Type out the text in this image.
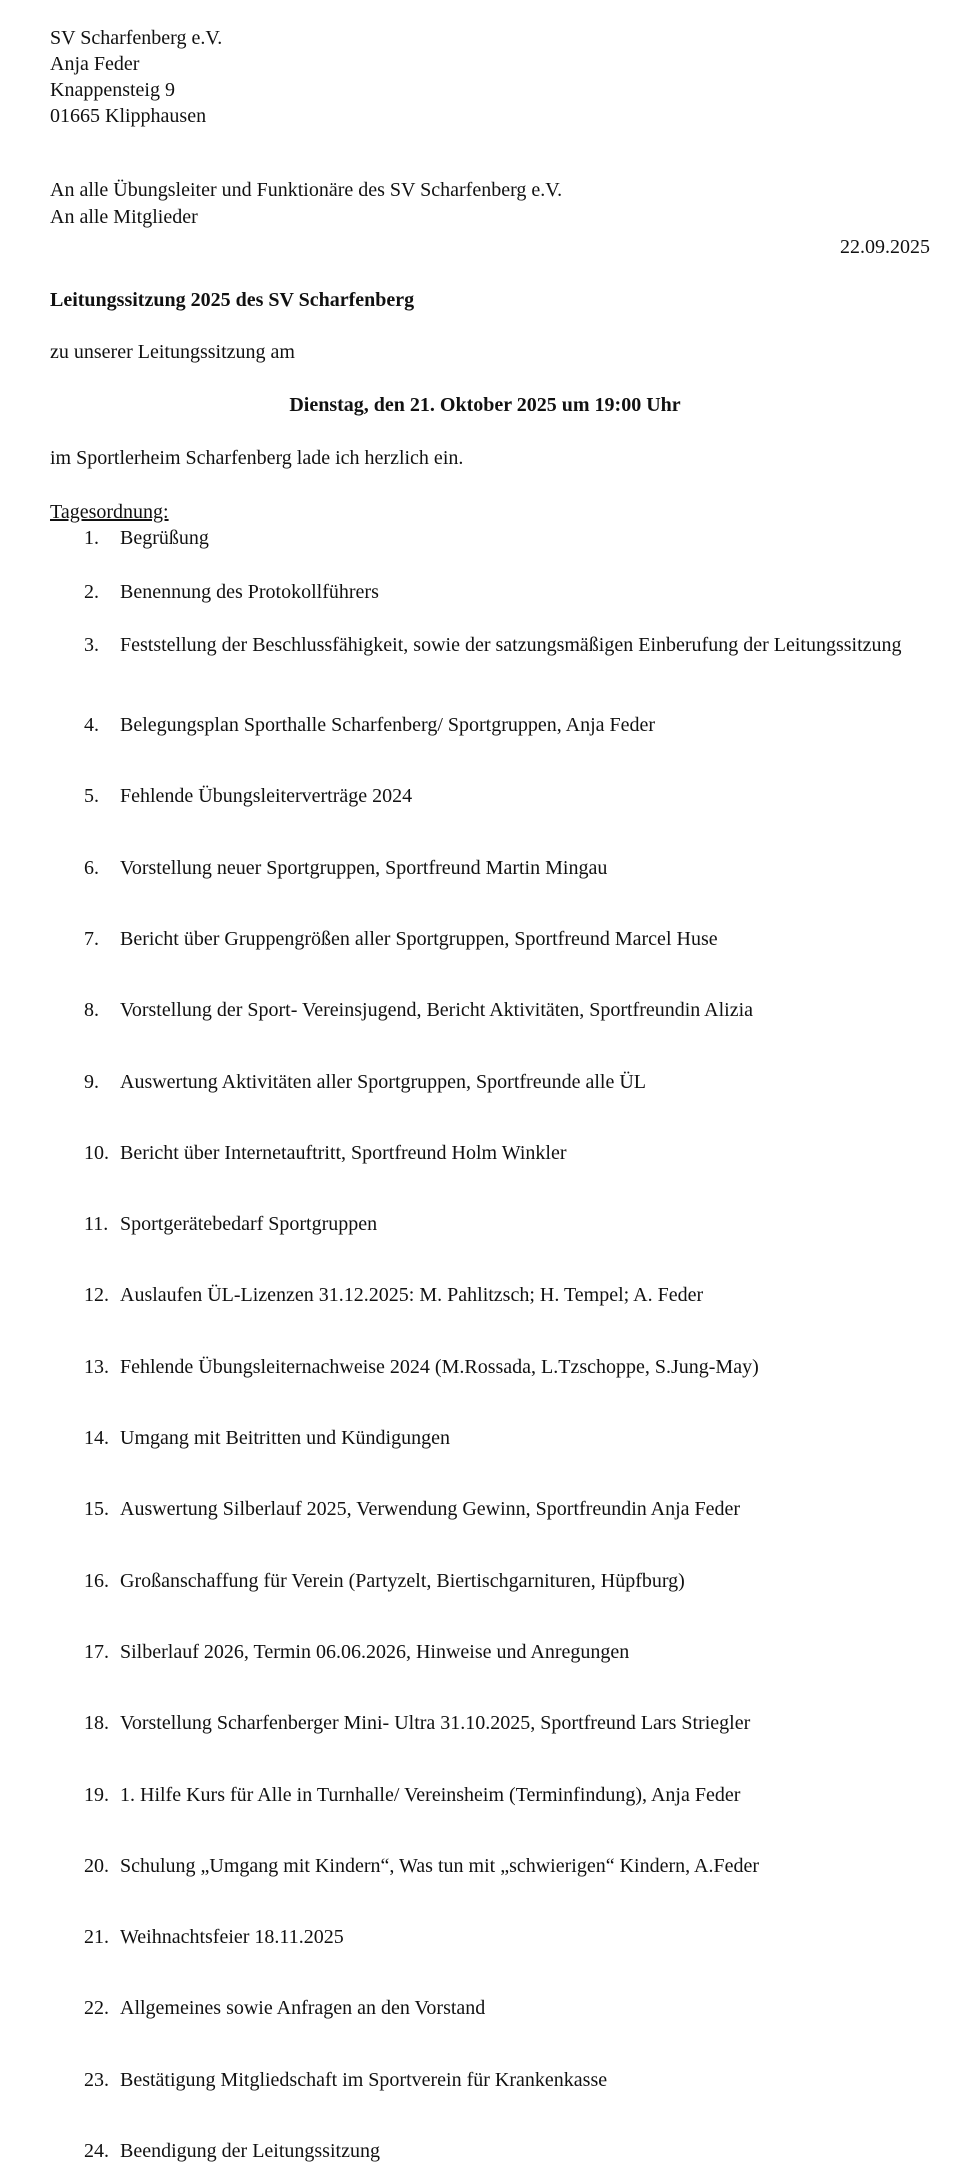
SV Scharfenberg e.V.
Anja Feder
Knappensteig 9
01665 Klipphausen
An alle Übungsleiter und Funktionäre des SV Scharfenberg e.V.
An alle Mitglieder
22.09.2025
Leitungssitzung 2025 des SV Scharfenberg
zu unserer Leitungssitzung am
Dienstag, den 21. Oktober 2025 um 19:00 Uhr
im Sportlerheim Scharfenberg lade ich herzlich ein.
Tagesordnung:
1. Begrüßung
2. Benennung des Protokollführers
3. Feststellung der Beschlussfähigkeit, sowie der satzungsmäßigen Einberufung der Leitungssitzung
4. Belegungsplan Sporthalle Scharfenberg/ Sportgruppen, Anja Feder
5. Fehlende Übungsleiterverträge 2024
6. Vorstellung neuer Sportgruppen, Sportfreund Martin Mingau
7. Bericht über Gruppengrößen aller Sportgruppen, Sportfreund Marcel Huse
8. Vorstellung der Sport- Vereinsjugend, Bericht Aktivitäten, Sportfreundin Alizia
9. Auswertung Aktivitäten aller Sportgruppen, Sportfreunde alle ÜL
10. Bericht über Internetauftritt, Sportfreund Holm Winkler
11. Sportgerätebedarf Sportgruppen
12. Auslaufen ÜL-Lizenzen 31.12.2025: M. Pahlitzsch; H. Tempel; A. Feder
13. Fehlende Übungsleiternachweise 2024 (M.Rossada, L.Tzschoppe, S.Jung-May)
14. Umgang mit Beitritten und Kündigungen
15. Auswertung Silberlauf 2025, Verwendung Gewinn, Sportfreundin Anja Feder
16. Großanschaffung für Verein (Partyzelt, Biertischgarnituren, Hüpfburg)
17. Silberlauf 2026, Termin 06.06.2026, Hinweise und Anregungen
18. Vorstellung Scharfenberger Mini- Ultra 31.10.2025, Sportfreund Lars Striegler
19. 1. Hilfe Kurs für Alle in Turnhalle/ Vereinsheim (Terminfindung), Anja Feder
20. Schulung „Umgang mit Kindern“, Was tun mit „schwierigen“ Kindern, A.Feder
21. Weihnachtsfeier 18.11.2025
22. Allgemeines sowie Anfragen an den Vorstand
23. Bestätigung Mitgliedschaft im Sportverein für Krankenkasse
24. Beendigung der Leitungssitzung
